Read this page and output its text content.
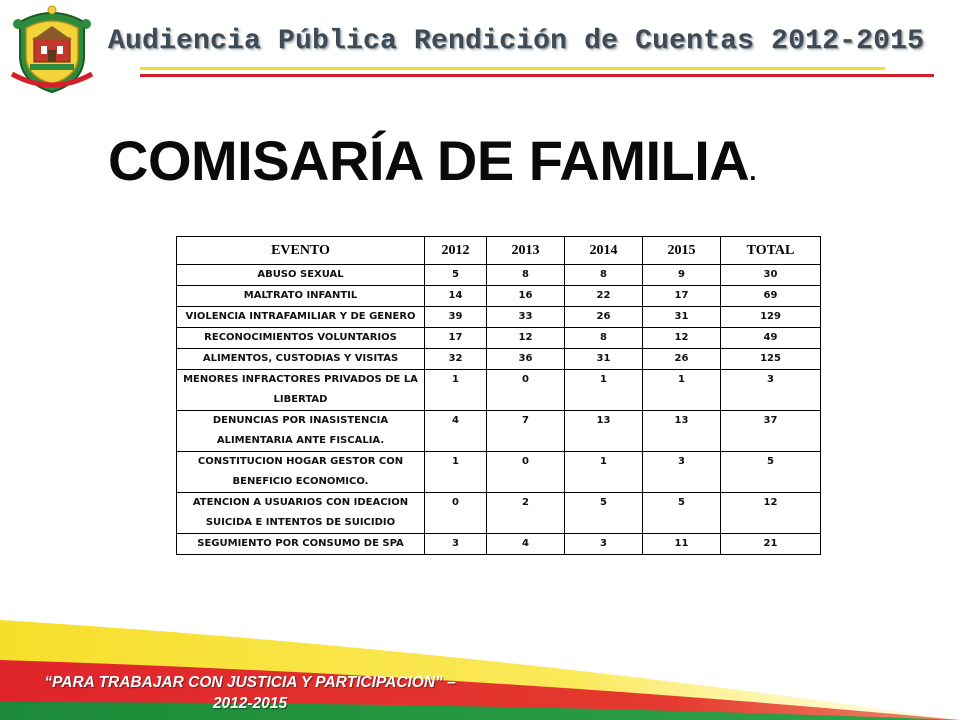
Audiencia Pública Rendición de Cuentas 2012-2015
COMISARÍA DE FAMILIA.
EVENTO	2012	2013	2014	2015	TOTAL
ABUSO SEXUAL	5	8	8	9	30
MALTRATO INFANTIL	14	16	22	17	69
VIOLENCIA INTRAFAMILIAR Y DE GENERO	39	33	26	31	129
RECONOCIMIENTOS VOLUNTARIOS	17	12	8	12	49
ALIMENTOS, CUSTODIAS Y VISITAS	32	36	31	26	125
MENORES INFRACTORES PRIVADOS DE LA LIBERTAD	1	0	1	1	3
DENUNCIAS POR INASISTENCIA ALIMENTARIA ANTE FISCALIA.	4	7	13	13	37
CONSTITUCION HOGAR GESTOR CON BENEFICIO ECONOMICO.	1	0	1	3	5
ATENCION A USUARIOS CON IDEACION SUICIDA E INTENTOS DE SUICIDIO	0	2	5	5	12
SEGUMIENTO POR CONSUMO DE SPA	3	4	3	11	21
“PARA TRABAJAR CON JUSTICIA Y PARTICIPACION” –
2012-2015
